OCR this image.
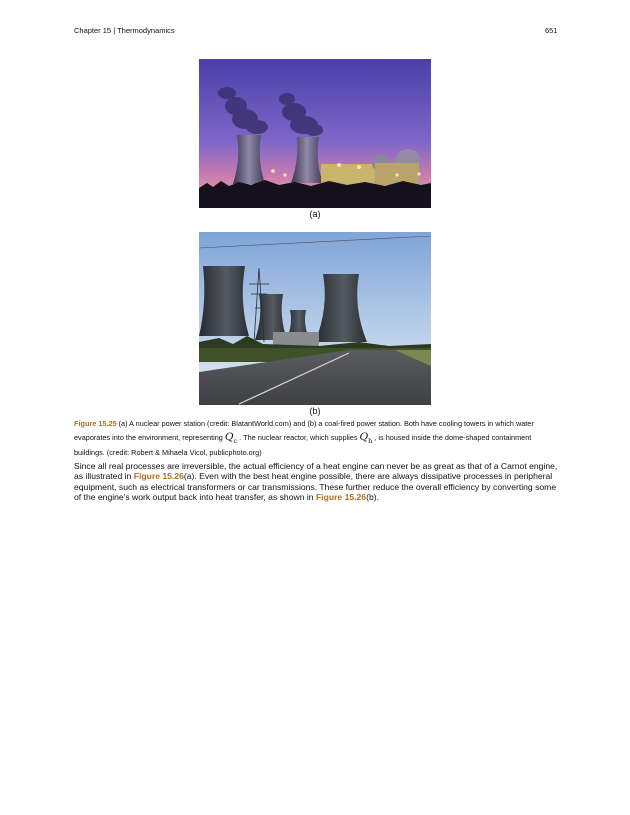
Chapter 15 | Thermodynamics	651
(a)
(b)
Figure 15.25 (a) A nuclear power station (credit: BlatantWorld.com) and (b) a coal-fired power station. Both have cooling towers in which water evaporates into the environment, representing $Q_c$ . The nuclear reactor, which supplies $Q_h$ , is housed inside the dome-shaped containment buildings. (credit: Robert & Mihaela Vicol, publicphoto.org)
Since all real processes are irreversible, the actual efficiency of a heat engine can never be as great as that of a Carnot engine, as illustrated in Figure 15.26(a). Even with the best heat engine possible, there are always dissipative processes in peripheral equipment, such as electrical transformers or car transmissions. These further reduce the overall efficiency by converting some of the engine's work output back into heat transfer, as shown in Figure 15.26(b).
